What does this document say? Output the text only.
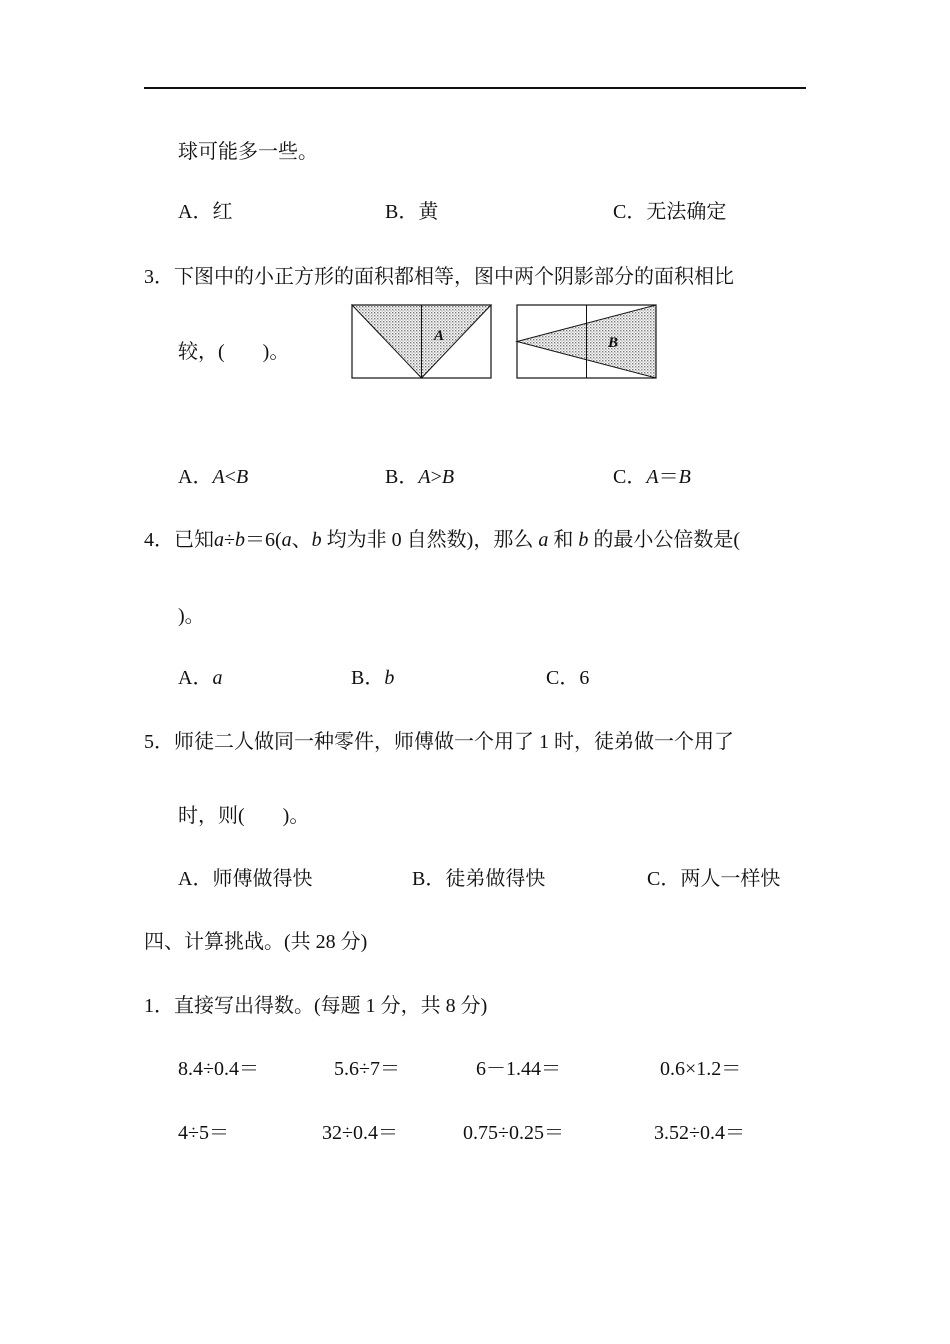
球可能多一些。
A．红	B．黄	C．无法确定
3．下图中的小正方形的面积都相等，图中两个阴影部分的面积相比
较，( )。
A	B
A．A<B	B．A>B	C．A＝B
4．已知a÷b＝6(a、b 均为非 0 自然数)，那么 a 和 b 的最小公倍数是(
)。
A．a	B．b	C．6
5．师徒二人做同一种零件，师傅做一个用了 1 时，徒弟做一个用了
时，则( )。
A．师傅做得快	B．徒弟做得快	C．两人一样快
四、计算挑战。(共 28 分)
1．直接写出得数。(每题 1 分，共 8 分)
8.4÷0.4＝	5.6÷7＝	6－1.44＝	0.6×1.2＝
4÷5＝	32÷0.4＝	0.75÷0.25＝	3.52÷0.4＝
